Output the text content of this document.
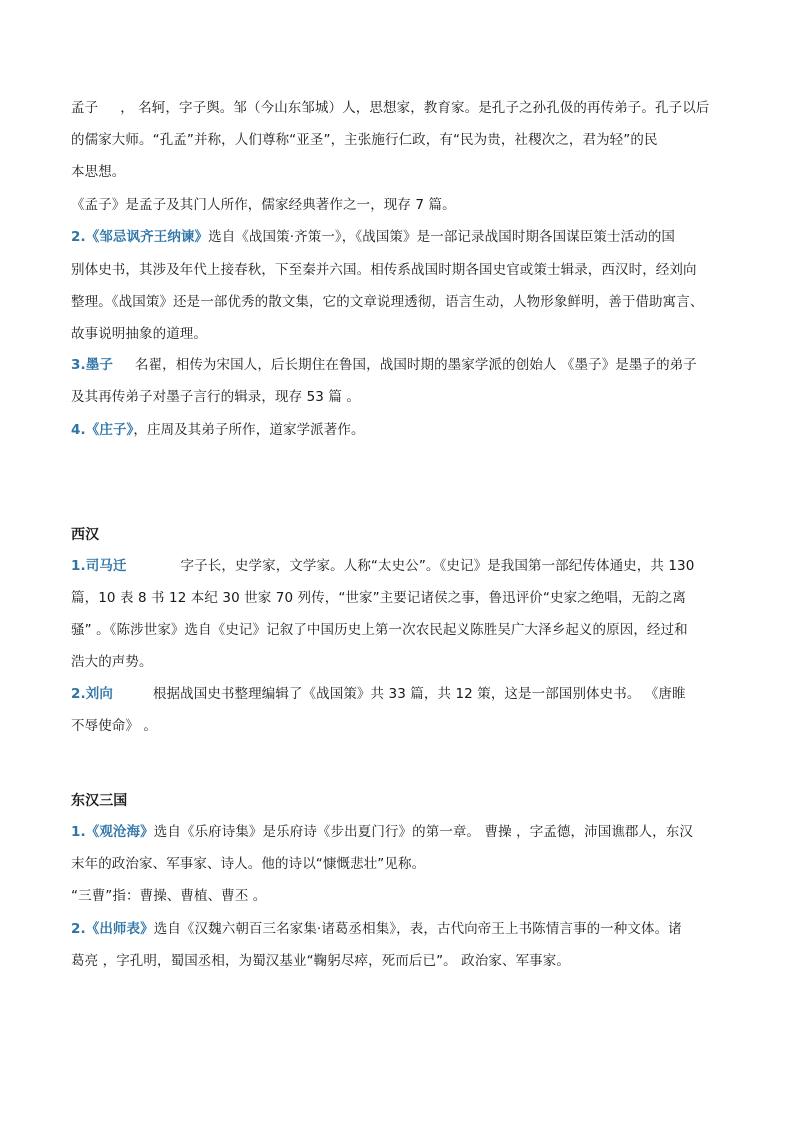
孟子 ， 名轲，字子舆。邹（今山东邹城）人，思想家，教育家。是孔子之孙孔伋的再传弟子。孔子以后
的儒家大师。“孔孟”并称，人们尊称“亚圣”，主张施行仁政，有“民为贵，社稷次之，君为轻”的民
本思想。
《孟子》是孟子及其门人所作，儒家经典著作之一，现存 7 篇。
2.《邹忌讽齐王纳谏》选自《战国策·齐策一》，《战国策》是一部记录战国时期各国谋臣策士活动的国
别体史书，其涉及年代上接春秋，下至秦并六国。相传系战国时期各国史官或策士辑录，西汉时，经刘向
整理。《战国策》还是一部优秀的散文集，它的文章说理透彻，语言生动，人物形象鲜明，善于借助寓言、
故事说明抽象的道理。
3.墨子 名翟，相传为宋国人，后长期住在鲁国，战国时期的墨家学派的创始人 《墨子》是墨子的弟子
及其再传弟子对墨子言行的辑录，现存 53 篇 。
4.《庄子》，庄周及其弟子所作，道家学派著作。
西汉
1.司马迁	字子长，史学家，文学家。人称“太史公”。《史记》是我国第一部纪传体通史，共 130
篇，10 表 8 书 12 本纪 30 世家 70 列传，“世家”主要记诸侯之事，鲁迅评价“史家之绝唱，无韵之离
骚” 。《陈涉世家》选自《史记》记叙了中国历史上第一次农民起义陈胜吴广大泽乡起义的原因，经过和
浩大的声势。
2.刘向	根据战国史书整理编辑了《战国策》共 33 篇，共 12 策，这是一部国别体史书。 《唐睢
不辱使命》 。
东汉三国
1.《观沧海》选自《乐府诗集》是乐府诗《步出夏门行》的第一章。 曹操 ，字孟德，沛国谯郡人，东汉
末年的政治家、军事家、诗人。他的诗以“慷慨悲壮”见称。
“三曹”指：曹操、曹植、曹丕 。
2.《出师表》选自《汉魏六朝百三名家集·诸葛丞相集》，表，古代向帝王上书陈情言事的一种文体。诸
葛亮 ，字孔明，蜀国丞相，为蜀汉基业“鞠躬尽瘁，死而后已”。 政治家、军事家。
